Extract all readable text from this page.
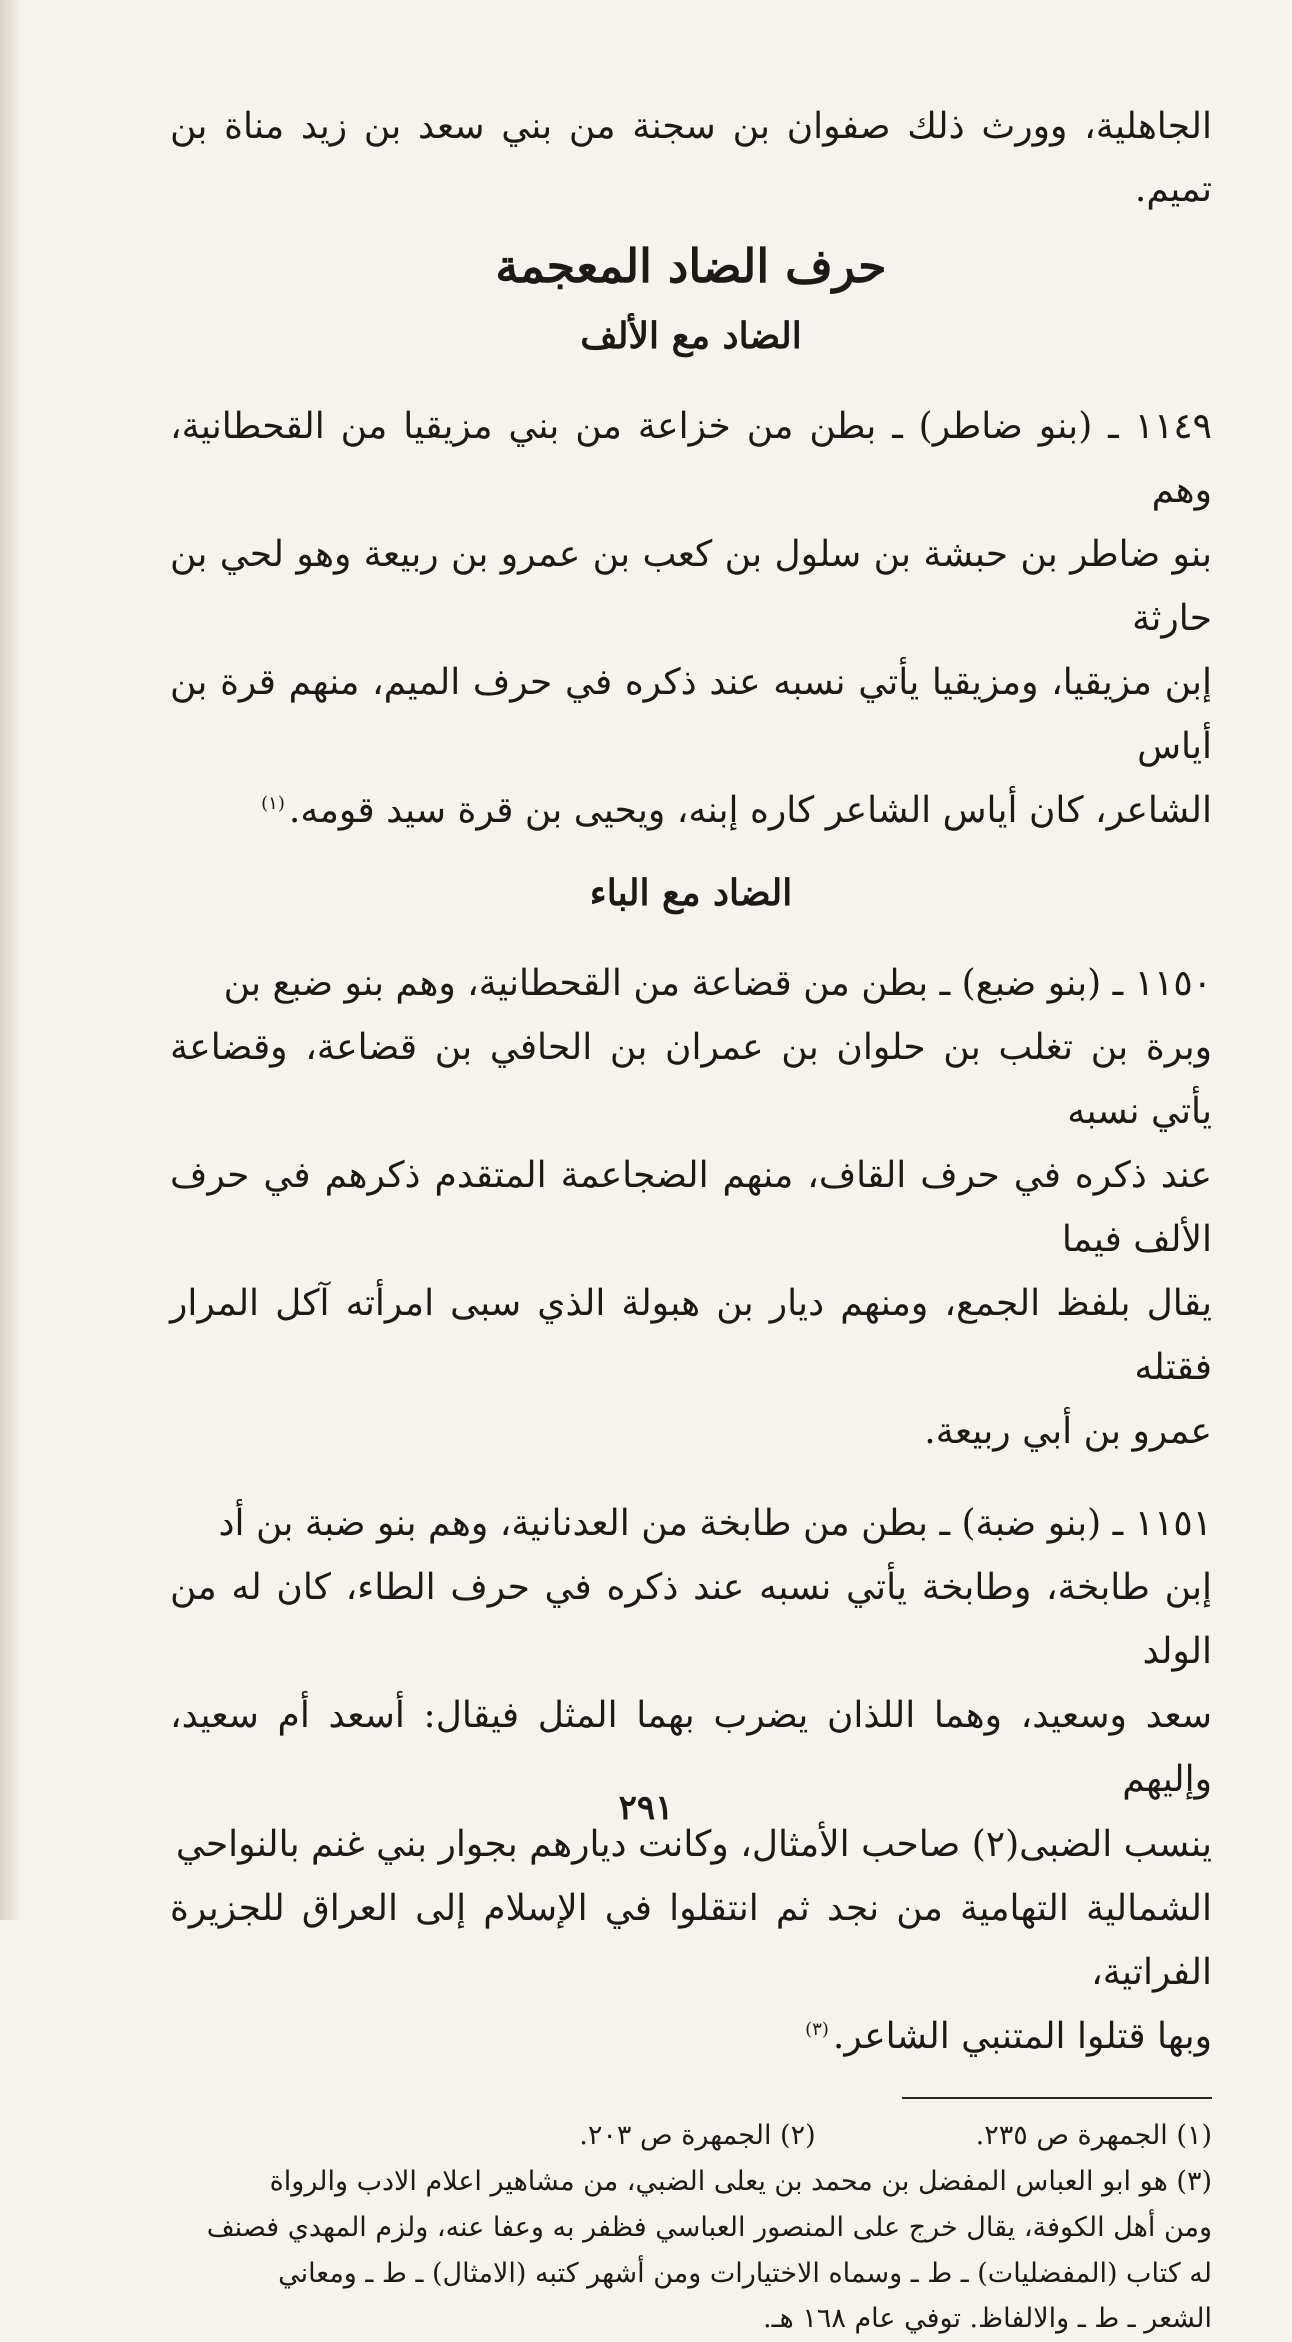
الجاهلية، وورث ذلك صفوان بن سجنة من بني سعد بن زيد مناة بن تميم.

حرف الضاد المعجمة
الضاد مع الألف

١١٤٩ ـ (بنو ضاطر) ـ بطن من خزاعة من بني مزيقيا من القحطانية، وهم

بنو ضاطر بن حبشة بن سلول بن كعب بن عمرو بن ربيعة وهو لحي بن حارثة

إبن مزيقيا، ومزيقيا يأتي نسبه عند ذكره في حرف الميم، منهم قرة بن أياس

الشاعر، كان أياس الشاعر كاره إبنه، ويحيى بن قرة سيد قومه.$^{(١)}$

الضاد مع الباء

١١٥٠ ـ (بنو ضبع) ـ بطن من قضاعة من القحطانية، وهم بنو ضبع بن

وبرة بن تغلب بن حلوان بن عمران بن الحافي بن قضاعة، وقضاعة يأتي نسبه

عند ذكره في حرف القاف، منهم الضجاعمة المتقدم ذكرهم في حرف الألف فيما

يقال بلفظ الجمع، ومنهم ديار بن هبولة الذي سبى امرأته آكل المرار فقتله

عمرو بن أبي ربيعة.

١١٥١ ـ (بنو ضبة) ـ بطن من طابخة من العدنانية، وهم بنو ضبة بن أد

إبن طابخة، وطابخة يأتي نسبه عند ذكره في حرف الطاء، كان له من الولد

سعد وسعيد، وهما اللذان يضرب بهما المثل فيقال: أسعد أم سعيد، وإليهم

ينسب الضبى(٢) صاحب الأمثال، وكانت ديارهم بجوار بني غنم بالنواحي

الشمالية التهامية من نجد ثم انتقلوا في الإسلام إلى العراق للجزيرة الفراتية،

وبها قتلوا المتنبي الشاعر.$^{(٣)}$

(١) الجمهرة ص ٢٣٥.
(٢) الجمهرة ص ٢٠٣.

(٣) هو ابو العباس المفضل بن محمد بن يعلى الضبي، من مشاهير اعلام الادب والرواة

ومن أهل الكوفة، يقال خرج على المنصور العباسي فظفر به وعفا عنه، ولزم المهدي فصنف

له كتاب (المفضليات) ـ ط ـ وسماه الاختيارات ومن أشهر كتبه (الامثال) ـ ط ـ ومعاني

الشعر ـ ط ـ والالفاظ. توفي عام ١٦٨ هـ.

٢٩١
